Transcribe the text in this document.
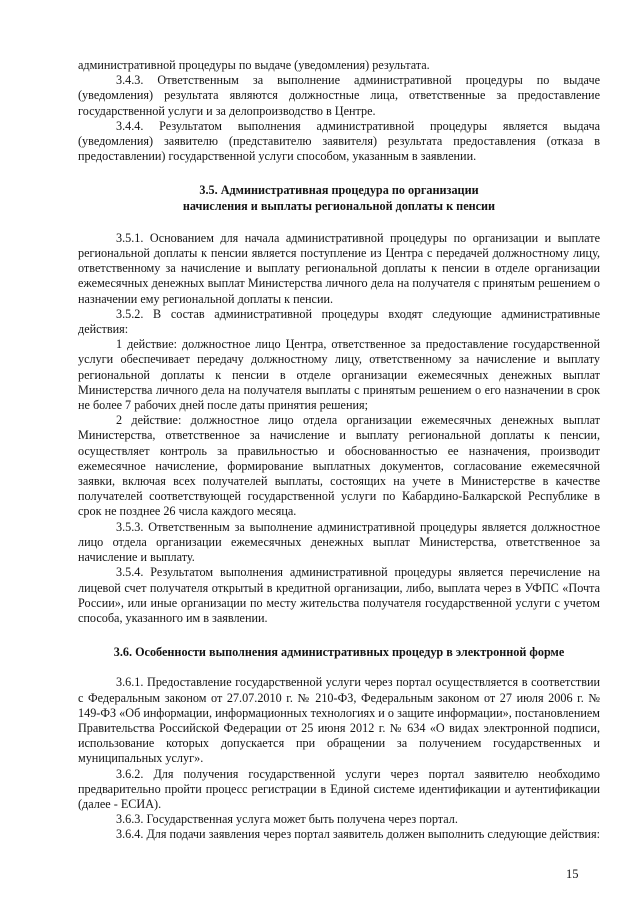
административной процедуры по выдаче (уведомления) результата.

3.4.3. Ответственным за выполнение административной процедуры по выдаче (уведомления) результата являются должностные лица, ответственные за предоставление государственной услуги и за делопроизводство в Центре.

3.4.4. Результатом выполнения административной процедуры является выдача (уведомления) заявителю (представителю заявителя) результата предоставления (отказа в предоставлении) государственной услуги способом, указанным в заявлении.

3.5. Административная процедура по организации

начисления и выплаты региональной доплаты к пенсии

3.5.1. Основанием для начала административной процедуры по организации и выплате региональной доплаты к пенсии является поступление из Центра с передачей должностному лицу, ответственному за начисление и выплату региональной доплаты к пенсии в отделе организации ежемесячных денежных выплат Министерства личного дела на получателя с принятым решением о назначении ему региональной доплаты к пенсии.

3.5.2. В состав административной процедуры входят следующие административные действия:

1 действие: должностное лицо Центра, ответственное за предоставление государственной услуги обеспечивает передачу должностному лицу, ответственному за начисление и выплату региональной доплаты к пенсии в отделе организации ежемесячных денежных выплат Министерства личного дела на получателя выплаты с принятым решением о его назначении в срок не более 7 рабочих дней после даты принятия решения;

2 действие: должностное лицо отдела организации ежемесячных денежных выплат Министерства, ответственное за начисление и выплату региональной доплаты к пенсии, осуществляет контроль за правильностью и обоснованностью ее назначения, производит ежемесячное начисление, формирование выплатных документов, согласование ежемесячной заявки, включая всех получателей выплаты, состоящих на учете в Министерстве в качестве получателей соответствующей государственной услуги по Кабардино-Балкарской Республике в срок не позднее 26 числа каждого месяца.

3.5.3. Ответственным за выполнение административной процедуры является должностное лицо отдела организации ежемесячных денежных выплат Министерства, ответственное за начисление и выплату.

3.5.4. Результатом выполнения административной процедуры является перечисление на лицевой счет получателя открытый в кредитной организации, либо, выплата через в УФПС «Почта России», или иные организации по месту жительства получателя государственной услуги с учетом способа, указанного им в заявлении.

3.6. Особенности выполнения административных процедур в электронной форме

3.6.1. Предоставление государственной услуги через портал осуществляется в соответствии с Федеральным законом от 27.07.2010 г. № 210-ФЗ, Федеральным законом от 27 июля 2006 г. № 149-ФЗ «Об информации, информационных технологиях и о защите информации», постановлением Правительства Российской Федерации от 25 июня 2012 г. № 634 «О видах электронной подписи, использование которых допускается при обращении за получением государственных и муниципальных услуг».

3.6.2. Для получения государственной услуги через портал заявителю необходимо предварительно пройти процесс регистрации в Единой системе идентификации и аутентификации (далее - ЕСИА).

3.6.3. Государственная услуга может быть получена через портал.

3.6.4. Для подачи заявления через портал заявитель должен выполнить следующие действия:

15
